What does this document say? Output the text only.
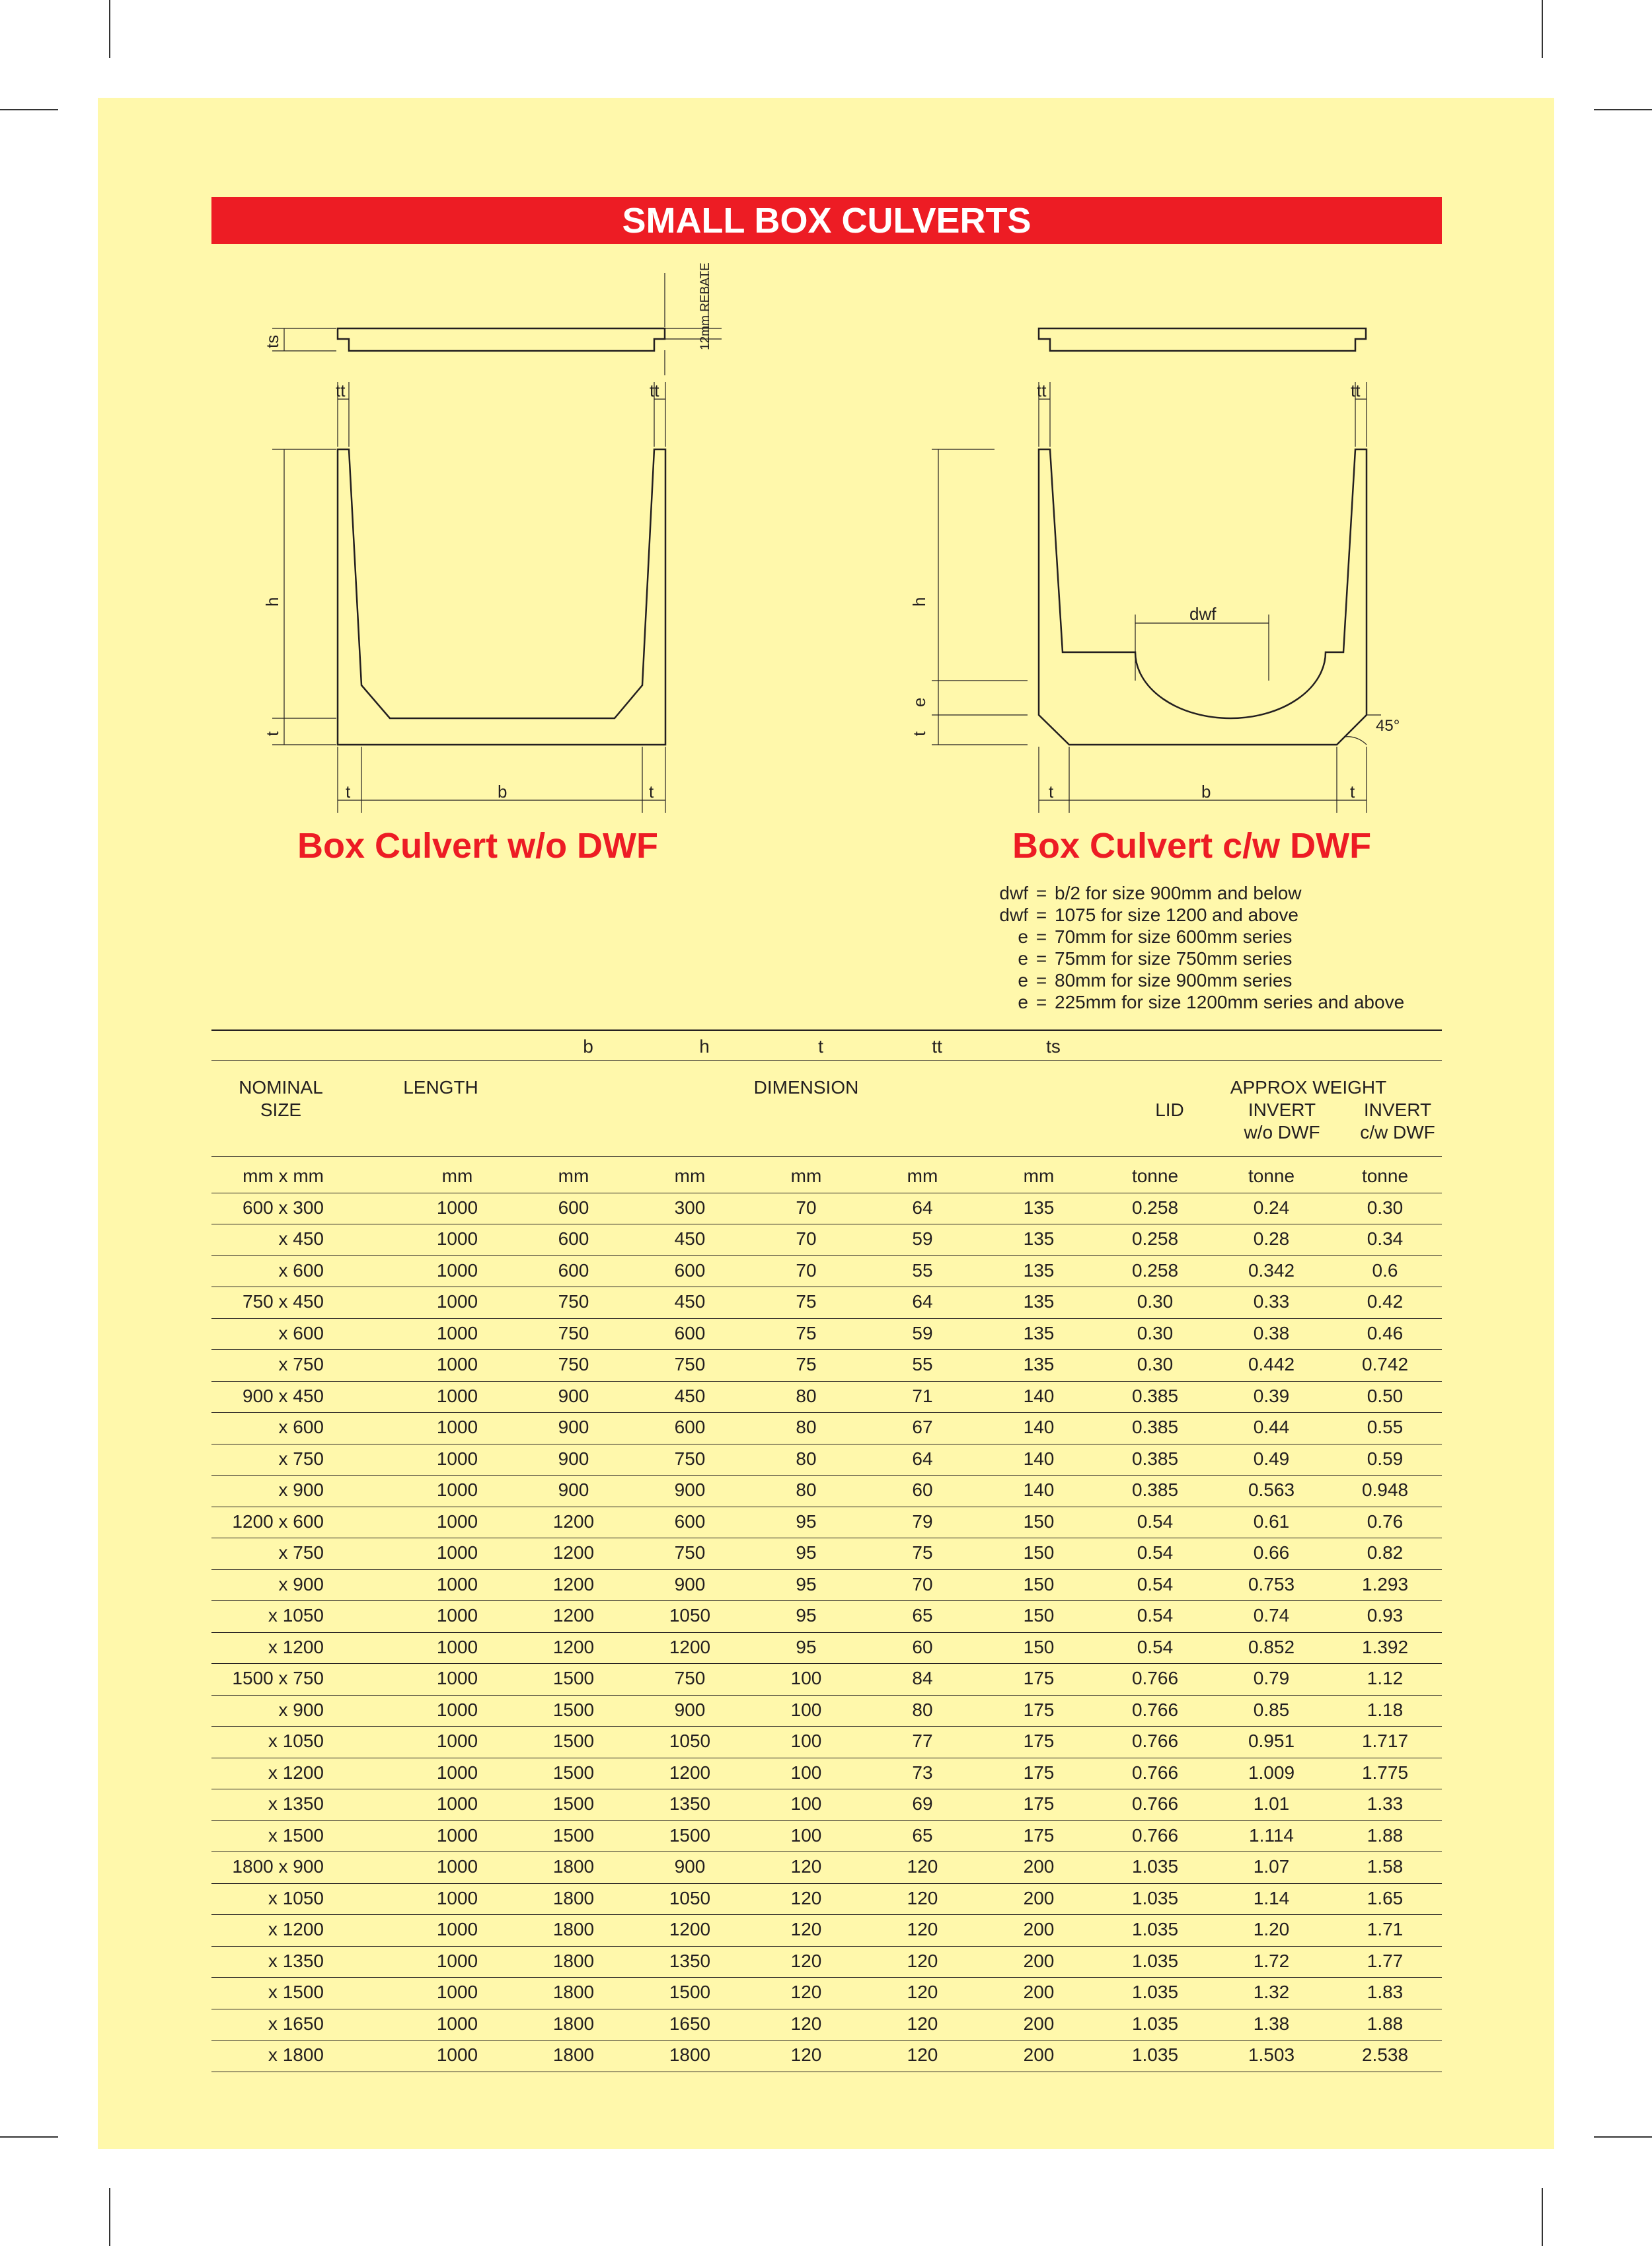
SMALL BOX CULVERTS
ts	12mm REBATE
tt	tt
h
t
t	b	t
tt	tt
h
e
t
dwf
45°
t	b	t
Box Culvert w/o DWF	Box Culvert c/w DWF
dwf = b/2 for size 900mm and below
dwf = 1075 for size 1200 and above
e = 70mm for size 600mm series
e = 75mm for size 750mm series
e = 80mm for size 900mm series
e = 225mm for size 1200mm series and above
b	h	t	tt	ts
NOMINAL
SIZE
LENGTH	DIMENSION	APPROX WEIGHT
LID	INVERT
w/o DWF
INVERT
c/w DWF
mm x mm	mm	mm	mm	mm	mm	mm	tonne	tonne	tonne
600 x 300	1000	600	300	70	64	135	0.258	0.24	0.30
x 450	1000	600	450	70	59	135	0.258	0.28	0.34
x 600	1000	600	600	70	55	135	0.258	0.342	0.6
750 x 450	1000	750	450	75	64	135	0.30	0.33	0.42
x 600	1000	750	600	75	59	135	0.30	0.38	0.46
x 750	1000	750	750	75	55	135	0.30	0.442	0.742
900 x 450	1000	900	450	80	71	140	0.385	0.39	0.50
x 600	1000	900	600	80	67	140	0.385	0.44	0.55
x 750	1000	900	750	80	64	140	0.385	0.49	0.59
x 900	1000	900	900	80	60	140	0.385	0.563	0.948
1200 x 600	1000	1200	600	95	79	150	0.54	0.61	0.76
x 750	1000	1200	750	95	75	150	0.54	0.66	0.82
x 900	1000	1200	900	95	70	150	0.54	0.753	1.293
x 1050	1000	1200	1050	95	65	150	0.54	0.74	0.93
x 1200	1000	1200	1200	95	60	150	0.54	0.852	1.392
1500 x 750	1000	1500	750	100	84	175	0.766	0.79	1.12
x 900	1000	1500	900	100	80	175	0.766	0.85	1.18
x 1050	1000	1500	1050	100	77	175	0.766	0.951	1.717
x 1200	1000	1500	1200	100	73	175	0.766	1.009	1.775
x 1350	1000	1500	1350	100	69	175	0.766	1.01	1.33
x 1500	1000	1500	1500	100	65	175	0.766	1.114	1.88
1800 x 900	1000	1800	900	120	120	200	1.035	1.07	1.58
x 1050	1000	1800	1050	120	120	200	1.035	1.14	1.65
x 1200	1000	1800	1200	120	120	200	1.035	1.20	1.71
x 1350	1000	1800	1350	120	120	200	1.035	1.72	1.77
x 1500	1000	1800	1500	120	120	200	1.035	1.32	1.83
x 1650	1000	1800	1650	120	120	200	1.035	1.38	1.88
x 1800	1000	1800	1800	120	120	200	1.035	1.503	2.538
